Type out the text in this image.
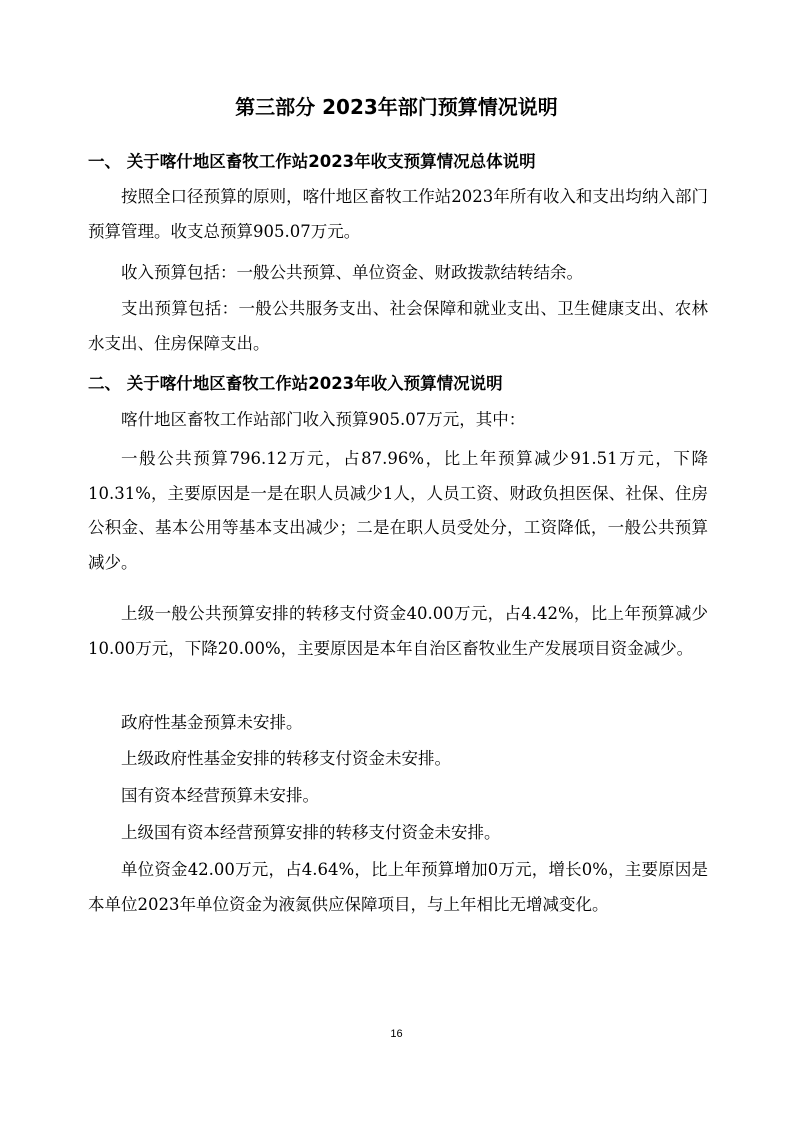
第三部分 2023年部门预算情况说明
一、 关于喀什地区畜牧工作站2023年收支预算情况总体说明
按照全口径预算的原则，喀什地区畜牧工作站2023年所有收入和支出均纳入部门预算管理。收支总预算905.07万元。
收入预算包括：一般公共预算、单位资金、财政拨款结转结余。
支出预算包括：一般公共服务支出、社会保障和就业支出、卫生健康支出、农林水支出、住房保障支出。
二、 关于喀什地区畜牧工作站2023年收入预算情况说明
喀什地区畜牧工作站部门收入预算905.07万元，其中：
一般公共预算796.12万元，占87.96%，比上年预算减少91.51万元，下降10.31%，主要原因是一是在职人员减少1人，人员工资、财政负担医保、社保、住房公积金、基本公用等基本支出减少；二是在职人员受处分，工资降低，一般公共预算减少。
上级一般公共预算安排的转移支付资金40.00万元，占4.42%，比上年预算减少10.00万元，下降20.00%，主要原因是本年自治区畜牧业生产发展项目资金减少。
政府性基金预算未安排。
上级政府性基金安排的转移支付资金未安排。
国有资本经营预算未安排。
上级国有资本经营预算安排的转移支付资金未安排。
单位资金42.00万元，占4.64%，比上年预算增加0万元，增长0%，主要原因是本单位2023年单位资金为液氮供应保障项目，与上年相比无增减变化。
16
